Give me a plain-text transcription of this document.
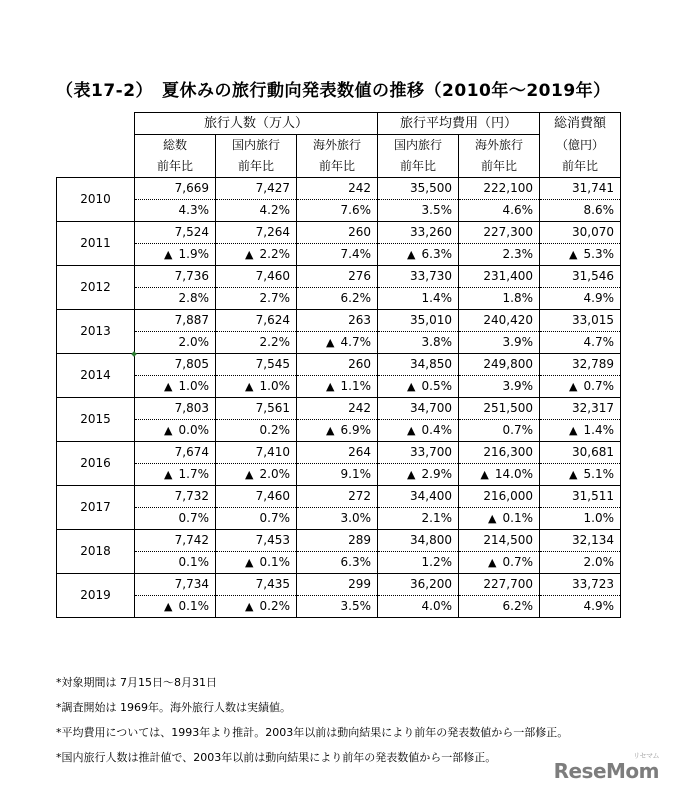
（表17-2）　夏休みの旅行動向発表数値の推移（2010年～2019年）
	旅行人数（万人）			旅行平均費用（円）		総消費額
	総数	国内旅行	海外旅行	国内旅行	海外旅行	（億円）
	前年比	前年比	前年比	前年比	前年比	前年比
2010	7,669	7,427	242	35,500	222,100	31,741
	4.3%	4.2%	7.6%	3.5%	4.6%	8.6%
2011	7,524	7,264	260	33,260	227,300	30,070
	▲ 1.9%	▲ 2.2%	7.4%	▲ 6.3%	2.3%	▲ 5.3%
2012	7,736	7,460	276	33,730	231,400	31,546
	2.8%	2.7%	6.2%	1.4%	1.8%	4.9%
2013	7,887	7,624	263	35,010	240,420	33,015
	2.0%	2.2%	▲ 4.7%	3.8%	3.9%	4.7%
2014	7,805	7,545	260	34,850	249,800	32,789
	▲ 1.0%	▲ 1.0%	▲ 1.1%	▲ 0.5%	3.9%	▲ 0.7%
2015	7,803	7,561	242	34,700	251,500	32,317
	▲ 0.0%	0.2%	▲ 6.9%	▲ 0.4%	0.7%	▲ 1.4%
2016	7,674	7,410	264	33,700	216,300	30,681
	▲ 1.7%	▲ 2.0%	9.1%	▲ 2.9%	▲ 14.0%	▲ 5.1%
2017	7,732	7,460	272	34,400	216,000	31,511
	0.7%	0.7%	3.0%	2.1%	▲ 0.1%	1.0%
2018	7,742	7,453	289	34,800	214,500	32,134
	0.1%	▲ 0.1%	6.3%	1.2%	▲ 0.7%	2.0%
2019	7,734	7,435	299	36,200	227,700	33,723
	▲ 0.1%	▲ 0.2%	3.5%	4.0%	6.2%	4.9%
*対象期間は 7月15日～8月31日
*調査開始は 1969年。海外旅行人数は実績値。
*平均費用については、1993年より推計。2003年以前は動向結果により前年の発表数値から一部修正。
*国内旅行人数は推計値で、2003年以前は動向結果により前年の発表数値から一部修正。	リセマム
ReseMom
